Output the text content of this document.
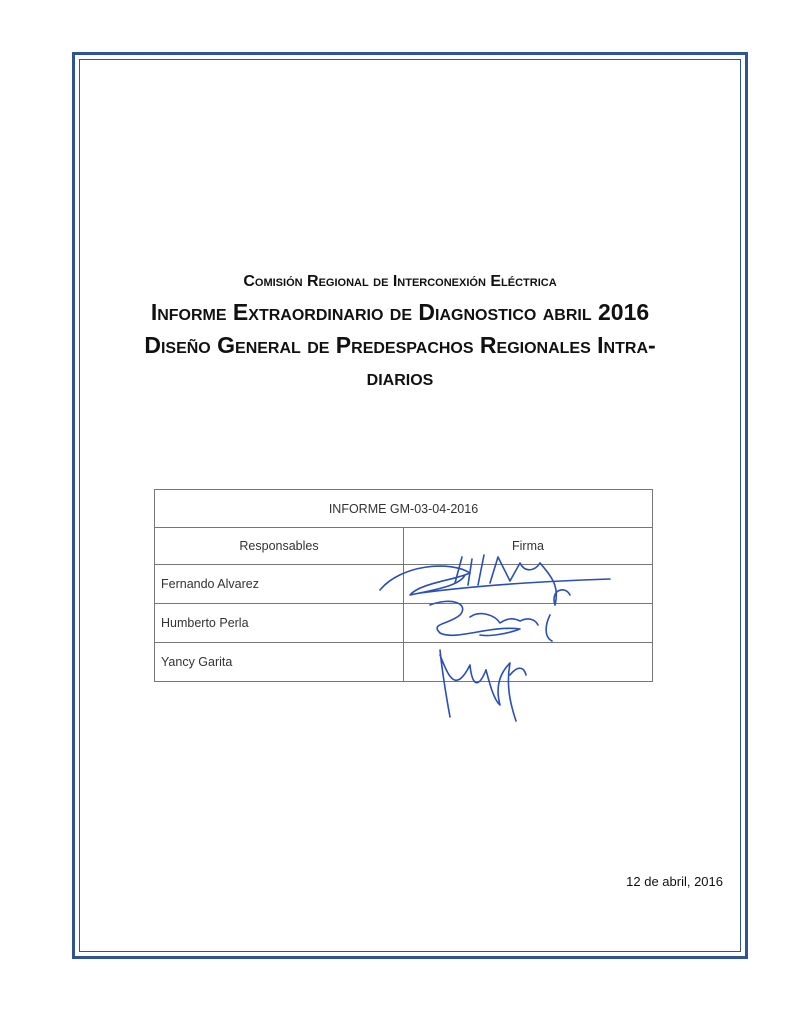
Comisión Regional de Interconexión Eléctrica
Informe Extraordinario de Diagnostico abril 2016
Diseño General de Predespachos Regionales Intra-
diarios
INFORME GM-03-04-2016	
Responsables	Firma
Fernando Alvarez	
Humberto Perla	
Yancy Garita	
12 de abril, 2016
